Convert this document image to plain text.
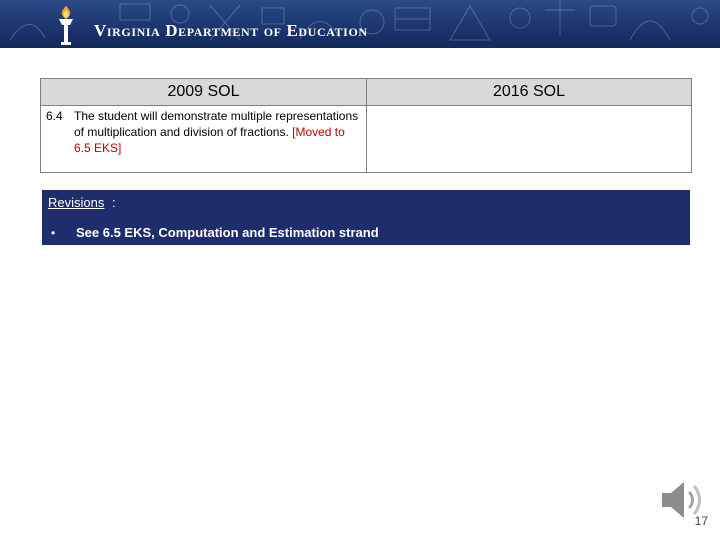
Virginia Department of Education
2009 SOL	2016 SOL

6.4 The student will demonstrate multiple representations of multiplication and division of fractions. [Moved to 6.5 EKS]	

Revisions :
• See 6.5 EKS, Computation and Estimation strand
17
